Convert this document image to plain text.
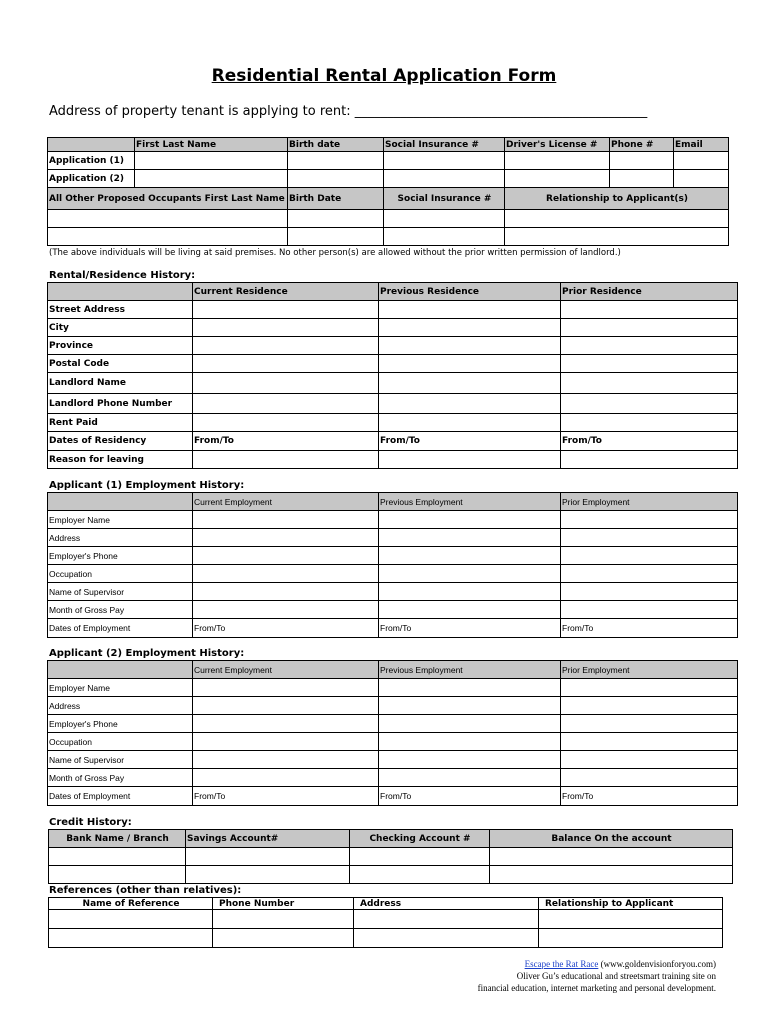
Residential Rental Application Form
Address of property tenant is applying to rent: _____________________________________________
	First Last Name	Birth date	Social Insurance #	Driver's License #	Phone #	Email
Application (1)						
Application (2)						
All Other Proposed Occupants First Last Name		Birth Date	Social Insurance #	Relationship to Applicant(s)		

(The above individuals will be living at said premises. No other person(s) are allowed without the prior written permission of landlord.)
Rental/Residence History:
	Current Residence	Previous Residence	Prior Residence
Street Address			
City			
Province			
Postal Code			
Landlord Name			
Landlord Phone Number			
Rent Paid			
Dates of Residency	From/To	From/To	From/To
Reason for leaving			
Applicant (1) Employment History:
	Current Employment	Previous Employment	Prior Employment
Employer Name			
Address			
Employer's Phone			
Occupation			
Name of Supervisor			
Month of Gross Pay			
Dates of Employment	From/To	From/To	From/To
Applicant (2) Employment History:
	Current Employment	Previous Employment	Prior Employment
Employer Name			
Address			
Employer's Phone			
Occupation			
Name of Supervisor			
Month of Gross Pay			
Dates of Employment	From/To	From/To	From/To
Credit History:
Bank Name / Branch	Savings Account#	Checking Account #	Balance On the account

References (other than relatives):
Name of Reference	Phone Number	Address	Relationship to Applicant

Escape the Rat Race (www.goldenvisionforyou.com)
Oliver Gu’s educational and streetsmart training site on
financial education, internet marketing and personal development.
